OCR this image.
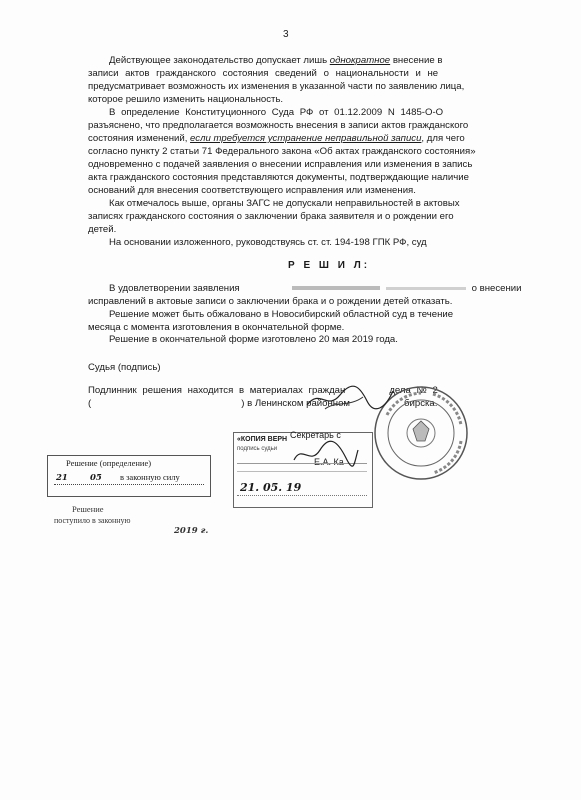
3
Действующее законодательство допускает лишь однократное внесение в
записи актов гражданского состояния сведений о национальности и не
предусматривает возможность их изменения в указанной части по заявлению лица,
которое решило изменить национальность.
В определение Конституционного Суда РФ от 01.12.2009 N 1485-О-О
разъяснено, что предполагается возможность внесения в записи актов гражданского
состояния изменений, если требуется устранение неправильной записи, для чего
согласно пункту 2 статьи 71 Федерального закона «Об актах гражданского состояния»
одновременно с подачей заявления о внесении исправления или изменения в запись
акта гражданского состояния представляются документы, подтверждающие наличие
оснований для внесения соответствующего исправления или изменения.
Как отмечалось выше, органы ЗАГС не допускали неправильностей в актовых
записях гражданского состояния о заключении брака заявителя и о рождении его
детей.
На основании изложенного, руководствуясь ст. ст. 194-198 ГПК РФ, суд
Р Е Ш И Л:
В удовлетворении заявления	о внесении
исправлений в актовые записи о заключении брака и о рождении детей отказать.
Решение может быть обжаловано в Новосибирский областной суд в течение
месяца с момента изготовления в окончательной форме.
Решение в окончательной форме изготовлено 20 мая 2019 года.
Судья (подпись)
Подлинник решения находится в материалах граждан	дела № 2
(	) в Ленинском районном	бирска.
Решение (определение)
21	05 в законную силу
Решение
поступило в законную
2019 г.
«КОПИЯ ВЕРН
подпись судьи
Секретарь с
Е.А. Ка
21. 05. 19
